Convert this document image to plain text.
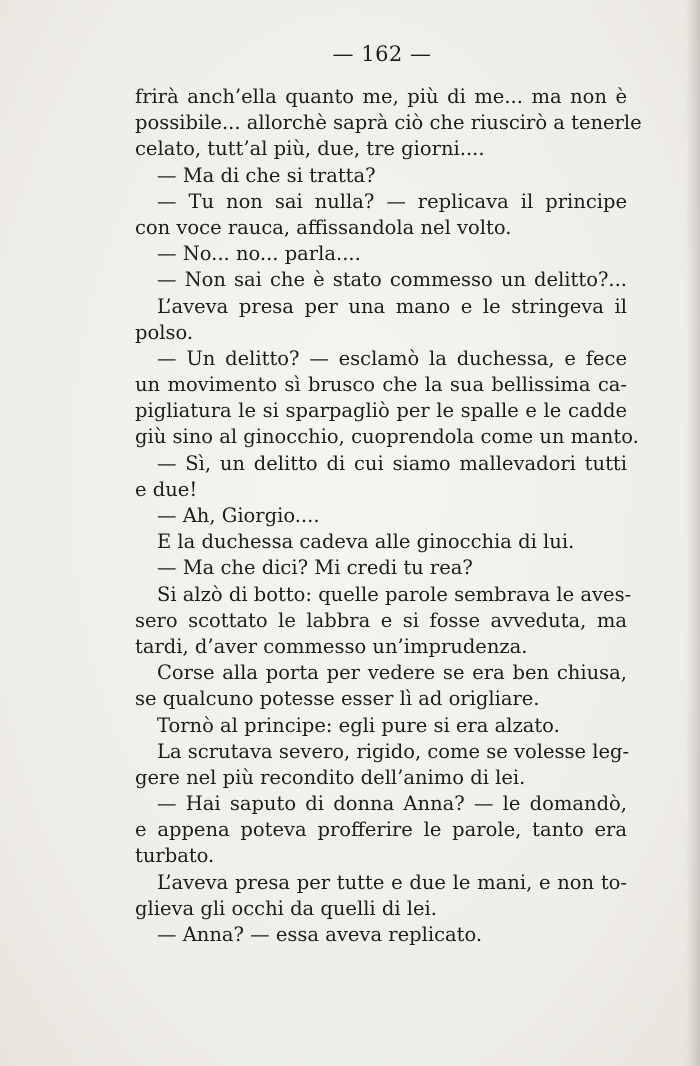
— 162 —
frirà anch’ella quanto me, più di me... ma non è
possibile... allorchè saprà ciò che riuscirò a tenerle
celato, tutt’al più, due, tre giorni....
— Ma di che si tratta?
— Tu non sai nulla? — replicava il principe
con voce rauca, affissandola nel volto.
— No... no... parla....
— Non sai che è stato commesso un delitto?...
L’aveva presa per una mano e le stringeva il
polso.
— Un delitto? — esclamò la duchessa, e fece
un movimento sì brusco che la sua bellissima ca-
pigliatura le si sparpagliò per le spalle e le cadde
giù sino al ginocchio, cuoprendola come un manto.
— Sì, un delitto di cui siamo mallevadori tutti
e due!
— Ah, Giorgio....
E la duchessa cadeva alle ginocchia di lui.
— Ma che dici? Mi credi tu rea?
Si alzò di botto: quelle parole sembrava le aves-
sero scottato le labbra e si fosse avveduta, ma
tardi, d’aver commesso un’imprudenza.
Corse alla porta per vedere se era ben chiusa,
se qualcuno potesse esser lì ad origliare.
Tornò al principe: egli pure si era alzato.
La scrutava severo, rigido, come se volesse leg-
gere nel più recondito dell’animo di lei.
— Hai saputo di donna Anna? — le domandò,
e appena poteva profferire le parole, tanto era
turbato.
L’aveva presa per tutte e due le mani, e non to-
glieva gli occhi da quelli di lei.
— Anna? — essa aveva replicato.
